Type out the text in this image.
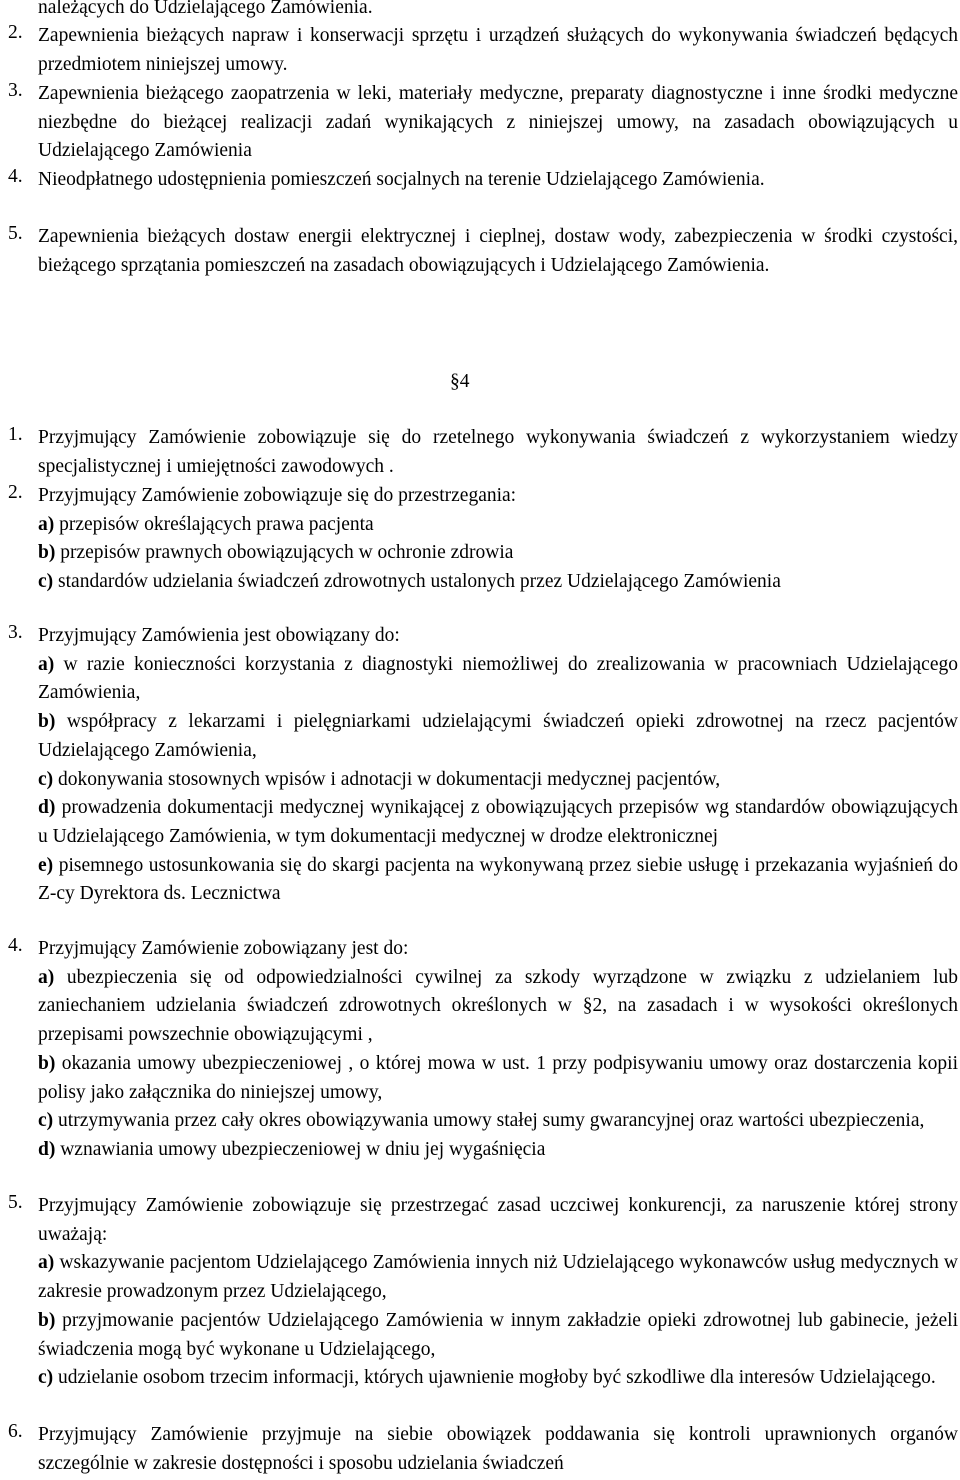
należących do Udzielającego Zamówienia.
2. Zapewnienia bieżących napraw i konserwacji sprzętu i urządzeń służących do wykonywania świadczeń będących przedmiotem niniejszej umowy.
3. Zapewnienia bieżącego zaopatrzenia w leki, materiały medyczne, preparaty diagnostyczne i inne środki medyczne niezbędne do bieżącej realizacji zadań wynikających z niniejszej umowy, na zasadach obowiązujących u Udzielającego Zamówienia
4. Nieodpłatnego udostępnienia pomieszczeń socjalnych na terenie Udzielającego Zamówienia.
5. Zapewnienia bieżących dostaw energii elektrycznej i cieplnej, dostaw wody, zabezpieczenia w środki czystości, bieżącego sprzątania pomieszczeń na zasadach obowiązujących i Udzielającego Zamówienia.
§4
1. Przyjmujący Zamówienie zobowiązuje się do rzetelnego wykonywania świadczeń z wykorzystaniem wiedzy specjalistycznej i umiejętności zawodowych .
2. Przyjmujący Zamówienie zobowiązuje się do przestrzegania:

a) przepisów określających prawa pacjenta

b) przepisów prawnych obowiązujących w ochronie zdrowia

c) standardów udzielania świadczeń zdrowotnych ustalonych przez Udzielającego Zamówienia

3. Przyjmujący Zamówienia jest obowiązany do:

a) w razie konieczności korzystania z diagnostyki niemożliwej do zrealizowania w pracowniach Udzielającego Zamówienia,

b) współpracy z lekarzami i pielęgniarkami udzielającymi świadczeń opieki zdrowotnej na rzecz pacjentów Udzielającego Zamówienia,

c) dokonywania stosownych wpisów i adnotacji w dokumentacji medycznej pacjentów,

d) prowadzenia dokumentacji medycznej wynikającej z obowiązujących przepisów wg standardów obowiązujących u Udzielającego Zamówienia, w tym dokumentacji medycznej w drodze elektronicznej

e) pisemnego ustosunkowania się do skargi pacjenta na wykonywaną przez siebie usługę i przekazania wyjaśnień do Z-cy Dyrektora ds. Lecznictwa

4. Przyjmujący Zamówienie zobowiązany jest do:

a) ubezpieczenia się od odpowiedzialności cywilnej za szkody wyrządzone w związku z udzielaniem lub zaniechaniem udzielania świadczeń zdrowotnych określonych w §2, na zasadach i w wysokości określonych przepisami powszechnie obowiązującymi ,

b) okazania umowy ubezpieczeniowej , o której mowa w ust. 1 przy podpisywaniu umowy oraz dostarczenia kopii polisy jako załącznika do niniejszej umowy,

c) utrzymywania przez cały okres obowiązywania umowy stałej sumy gwarancyjnej oraz wartości ubezpieczenia,

d) wznawiania umowy ubezpieczeniowej w dniu jej wygaśnięcia

5. Przyjmujący Zamówienie zobowiązuje się przestrzegać zasad uczciwej konkurencji, za naruszenie której strony uważają:

a) wskazywanie pacjentom Udzielającego Zamówienia innych niż Udzielającego wykonawców usług medycznych w zakresie prowadzonym przez Udzielającego,

b) przyjmowanie pacjentów Udzielającego Zamówienia w innym zakładzie opieki zdrowotnej lub gabinecie, jeżeli świadczenia mogą być wykonane u Udzielającego,

c) udzielanie osobom trzecim informacji, których ujawnienie mogłoby być szkodliwe dla interesów Udzielającego.

6. Przyjmujący Zamówienie przyjmuje na siebie obowiązek poddawania się kontroli uprawnionych organów szczególnie w zakresie dostępności i sposobu udzielania świadczeń
